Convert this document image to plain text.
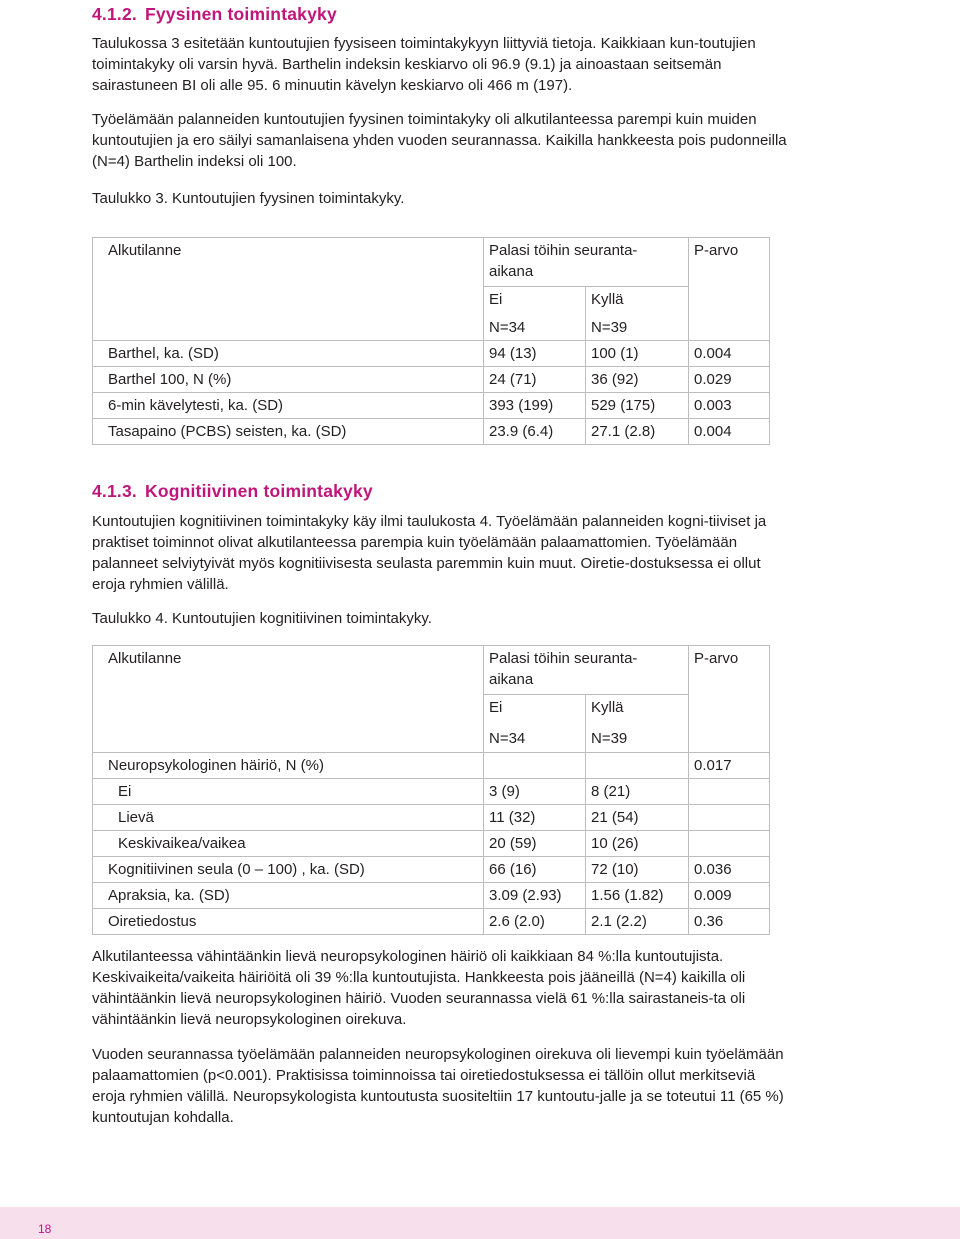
4.1.2. Fyysinen toimintakyky

Taulukossa 3 esitetään kuntoutujien fyysiseen toimintakykyyn liittyviä tietoja. Kaikkiaan kun-toutujien toimintakyky oli varsin hyvä. Barthelin indeksin keskiarvo oli 96.9 (9.1) ja ainoastaan seitsemän sairastuneen BI oli alle 95. 6 minuutin kävelyn keskiarvo oli 466 m (197).

Työelämään palanneiden kuntoutujien fyysinen toimintakyky oli alkutilanteessa parempi kuin muiden kuntoutujien ja ero säilyi samanlaisena yhden vuoden seurannassa. Kaikilla hankkeesta pois pudonneilla (N=4) Barthelin indeksi oli 100.

Taulukko 3. Kuntoutujien fyysinen toimintakyky.
Alkutilanne	Palasi töihin seuranta-aikana		P-arvo

	Ei	Kyllä	
	N=34	N=39	
Barthel, ka. (SD)	94 (13)	100 (1)	0.004
Barthel 100, N (%)	24 (71)	36 (92)	0.029
6-min kävelytesti, ka. (SD)	393 (199)	529 (175)	0.003
Tasapaino (PCBS) seisten, ka. (SD)	23.9 (6.4)	27.1 (2.8)	0.004
4.1.3. Kognitiivinen toimintakyky

Kuntoutujien kognitiivinen toimintakyky käy ilmi taulukosta 4. Työelämään palanneiden kogni-tiiviset ja praktiset toiminnot olivat alkutilanteessa parempia kuin työelämään palaamattomien. Työelämään palanneet selviytyivät myös kognitiivisesta seulasta paremmin kuin muut. Oiretie-dostuksessa ei ollut eroja ryhmien välillä.

Taulukko 4. Kuntoutujien kognitiivinen toimintakyky.
Alkutilanne	Palasi töihin seuranta-aikana		P-arvo

	Ei	Kyllä	
	N=34	N=39	
Neuropsykologinen häiriö, N (%)			0.017
Ei	3 (9)	8 (21)	
Lievä	11 (32)	21 (54)	
Keskivaikea/vaikea	20 (59)	10 (26)	
Kognitiivinen seula (0 – 100) , ka. (SD)	66 (16)	72 (10)	0.036
Apraksia, ka. (SD)	3.09 (2.93)	1.56 (1.82)	0.009
Oiretiedostus	2.6 (2.0)	2.1 (2.2)	0.36

Alkutilanteessa vähintäänkin lievä neuropsykologinen häiriö oli kaikkiaan 84 %:lla kuntoutujista. Keskivaikeita/vaikeita häiriöitä oli 39 %:lla kuntoutujista. Hankkeesta pois jääneillä (N=4) kaikilla oli vähintäänkin lievä neuropsykologinen häiriö. Vuoden seurannassa vielä 61 %:lla sairastaneis-ta oli vähintäänkin lievä neuropsykologinen oirekuva.

Vuoden seurannassa työelämään palanneiden neuropsykologinen oirekuva oli lievempi kuin työelämään palaamattomien (p<0.001). Praktisissa toiminnoissa tai oiretiedostuksessa ei tällöin ollut merkitseviä eroja ryhmien välillä. Neuropsykologista kuntoutusta suositeltiin 17 kuntoutu-jalle ja se toteutui 11 (65 %) kuntoutujan kohdalla.

18
